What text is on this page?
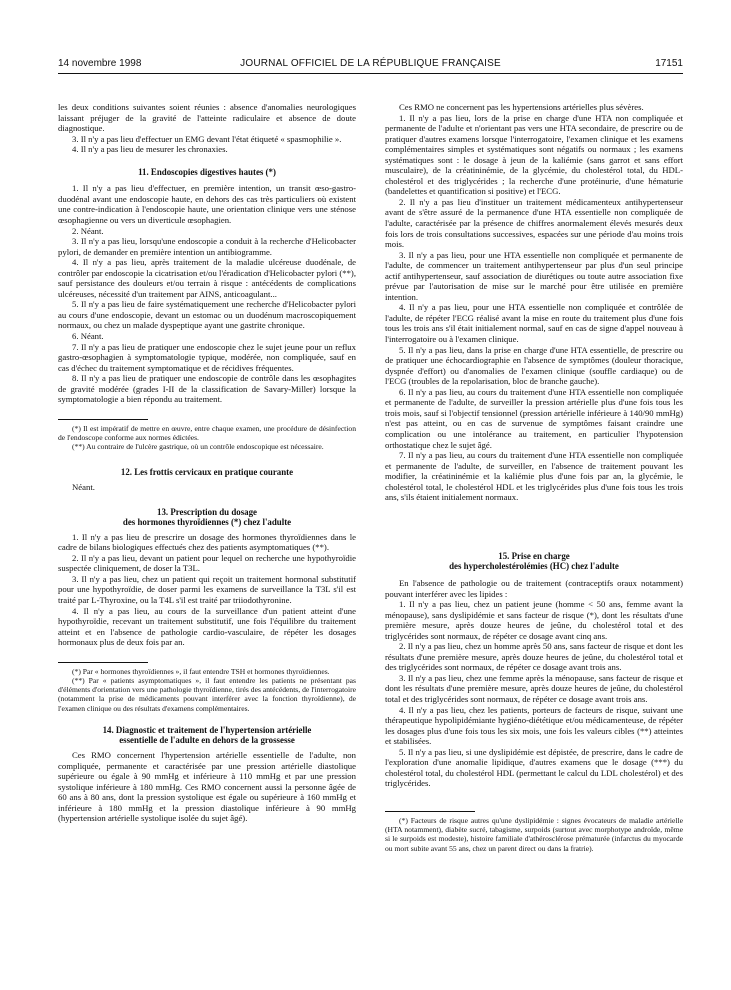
14 novembre 1998	JOURNAL OFFICIEL DE LA RÉPUBLIQUE FRANÇAISE	17151

les deux conditions suivantes soient réunies : absence d'anomalies neurologiques laissant préjuger de la gravité de l'atteinte radiculaire et absence de doute diagnostique.

3. Il n'y a pas lieu d'effectuer un EMG devant l'état étiqueté « spasmophilie ».

4. Il n'y a pas lieu de mesurer les chronaxies.

11. Endoscopies digestives hautes (*)

1. Il n'y a pas lieu d'effectuer, en première intention, un transit œso-gastro-duodénal avant une endoscopie haute, en dehors des cas très particuliers où existent une contre-indication à l'endoscopie haute, une orientation clinique vers une sténose œsophagienne ou vers un diverticule œsophagien.

2. Néant.

3. Il n'y a pas lieu, lorsqu'une endoscopie a conduit à la recherche d'Helicobacter pylori, de demander en première intention un antibiogramme.

4. Il n'y a pas lieu, après traitement de la maladie ulcéreuse duodénale, de contrôler par endoscopie la cicatrisation et/ou l'éradication d'Helicobacter pylori (**), sauf persistance des douleurs et/ou terrain à risque : antécédents de complications ulcéreuses, nécessité d'un traitement par AINS, anticoagulant...

5. Il n'y a pas lieu de faire systématiquement une recherche d'Helicobacter pylori au cours d'une endoscopie, devant un estomac ou un duodénum macroscopiquement normaux, ou chez un malade dyspeptique ayant une gastrite chronique.

6. Néant.

7. Il n'y a pas lieu de pratiquer une endoscopie chez le sujet jeune pour un reflux gastro-œsophagien à symptomatologie typique, modérée, non compliquée, sauf en cas d'échec du traitement symptomatique et de récidives fréquentes.

8. Il n'y a pas lieu de pratiquer une endoscopie de contrôle dans les œsophagites de gravité modérée (grades I-II de la classification de Savary-Miller) lorsque la symptomatologie a bien répondu au traitement.

(*) Il est impératif de mettre en œuvre, entre chaque examen, une procédure de désinfection de l'endoscope conforme aux normes édictées.

(**) Au contraire de l'ulcère gastrique, où un contrôle endoscopique est nécessaire.

12. Les frottis cervicaux en pratique courante

Néant.

13. Prescription du dosage
des hormones thyroïdiennes (*) chez l'adulte

1. Il n'y a pas lieu de prescrire un dosage des hormones thyroïdiennes dans le cadre de bilans biologiques effectués chez des patients asymptomatiques (**).

2. Il n'y a pas lieu, devant un patient pour lequel on recherche une hypothyroïdie suspectée cliniquement, de doser la T3L.

3. Il n'y a pas lieu, chez un patient qui reçoit un traitement hormonal substitutif pour une hypothyroïdie, de doser parmi les examens de surveillance la T3L s'il est traité par L-Thyroxine, ou la T4L s'il est traité par triiodothyronine.

4. Il n'y a pas lieu, au cours de la surveillance d'un patient atteint d'une hypothyroïdie, recevant un traitement substitutif, une fois l'équilibre du traitement atteint et en l'absence de pathologie cardio-vasculaire, de répéter les dosages hormonaux plus de deux fois par an.

(*) Par « hormones thyroïdiennes », il faut entendre TSH et hormones thyroïdiennes.

(**) Par « patients asymptomatiques », il faut entendre les patients ne présentant pas d'éléments d'orientation vers une pathologie thyroïdienne, tirés des antécédents, de l'interrogatoire (notamment la prise de médicaments pouvant interférer avec la fonction thyroïdienne), de l'examen clinique ou des résultats d'examens complémentaires.

14. Diagnostic et traitement de l'hypertension artérielle
essentielle de l'adulte en dehors de la grossesse

Ces RMO concernent l'hypertension artérielle essentielle de l'adulte, non compliquée, permanente et caractérisée par une pression artérielle diastolique supérieure ou égale à 90 mmHg et inférieure à 110 mmHg et par une pression systolique inférieure à 180 mmHg. Ces RMO concernent aussi la personne âgée de 60 ans à 80 ans, dont la pression systolique est égale ou supérieure à 160 mmHg et inférieure à 180 mmHg et la pression diastolique inférieure à 90 mmHg (hypertension artérielle systolique isolée du sujet âgé).

Ces RMO ne concernent pas les hypertensions artérielles plus sévères.

1. Il n'y a pas lieu, lors de la prise en charge d'une HTA non compliquée et permanente de l'adulte et n'orientant pas vers une HTA secondaire, de prescrire ou de pratiquer d'autres examens lorsque l'interrogatoire, l'examen clinique et les examens complémentaires simples et systématiques sont négatifs ou normaux ; les examens systématiques sont : le dosage à jeun de la kaliémie (sans garrot et sans effort musculaire), de la créatininémie, de la glycémie, du cholestérol total, du HDL-cholestérol et des triglycérides ; la recherche d'une protéinurie, d'une hématurie (bandelettes et quantification si positive) et l'ECG.

2. Il n'y a pas lieu d'instituer un traitement médicamenteux antihypertenseur avant de s'être assuré de la permanence d'une HTA essentielle non compliquée de l'adulte, caractérisée par la présence de chiffres anormalement élevés mesurés deux fois lors de trois consultations successives, espacées sur une période d'au moins trois mois.

3. Il n'y a pas lieu, pour une HTA essentielle non compliquée et permanente de l'adulte, de commencer un traitement antihypertenseur par plus d'un seul principe actif antihypertenseur, sauf association de diurétiques ou toute autre association fixe prévue par l'autorisation de mise sur le marché pour être utilisée en première intention.

4. Il n'y a pas lieu, pour une HTA essentielle non compliquée et contrôlée de l'adulte, de répéter l'ECG réalisé avant la mise en route du traitement plus d'une fois tous les trois ans s'il était initialement normal, sauf en cas de signe d'appel nouveau à l'interrogatoire ou à l'examen clinique.

5. Il n'y a pas lieu, dans la prise en charge d'une HTA essentielle, de prescrire ou de pratiquer une échocardiographie en l'absence de symptômes (douleur thoracique, dyspnée d'effort) ou d'anomalies de l'examen clinique (souffle cardiaque) ou de l'ECG (troubles de la repolarisation, bloc de branche gauche).

6. Il n'y a pas lieu, au cours du traitement d'une HTA essentielle non compliquée et permanente de l'adulte, de surveiller la pression artérielle plus d'une fois tous les trois mois, sauf si l'objectif tensionnel (pression artérielle inférieure à 140/90 mmHg) n'est pas atteint, ou en cas de survenue de symptômes faisant craindre une complication ou une intolérance au traitement, en particulier l'hypotension orthostatique chez le sujet âgé.

7. Il n'y a pas lieu, au cours du traitement d'une HTA essentielle non compliquée et permanente de l'adulte, de surveiller, en l'absence de traitement pouvant les modifier, la créatininémie et la kaliémie plus d'une fois par an, la glycémie, le cholestérol total, le cholestérol HDL et les triglycérides plus d'une fois tous les trois ans, s'ils étaient initialement normaux.

15. Prise en charge
des hypercholestérolémies (HC) chez l'adulte

En l'absence de pathologie ou de traitement (contraceptifs oraux notamment) pouvant interférer avec les lipides :

1. Il n'y a pas lieu, chez un patient jeune (homme < 50 ans, femme avant la ménopause), sans dyslipidémie et sans facteur de risque (*), dont les résultats d'une première mesure, après douze heures de jeûne, du cholestérol total et des triglycérides sont normaux, de répéter ce dosage avant cinq ans.

2. Il n'y a pas lieu, chez un homme après 50 ans, sans facteur de risque et dont les résultats d'une première mesure, après douze heures de jeûne, du cholestérol total et des triglycérides sont normaux, de répéter ce dosage avant trois ans.

3. Il n'y a pas lieu, chez une femme après la ménopause, sans facteur de risque et dont les résultats d'une première mesure, après douze heures de jeûne, du cholestérol total et des triglycérides sont normaux, de répéter ce dosage avant trois ans.

4. Il n'y a pas lieu, chez les patients, porteurs de facteurs de risque, suivant une thérapeutique hypolipidémiante hygiéno-diététique et/ou médicamenteuse, de répéter les dosages plus d'une fois tous les six mois, une fois les valeurs cibles (**) atteintes et stabilisées.

5. Il n'y a pas lieu, si une dyslipidémie est dépistée, de prescrire, dans le cadre de l'exploration d'une anomalie lipidique, d'autres examens que le dosage (***) du cholestérol total, du cholestérol HDL (permettant le calcul du LDL cholestérol) et des triglycérides.

(*) Facteurs de risque autres qu'une dyslipidémie : signes évocateurs de maladie artérielle (HTA notamment), diabète sucré, tabagisme, surpoids (surtout avec morphotype androïde, même si le surpoids est modeste), histoire familiale d'athérosclérose prématurée (infarctus du myocarde ou mort subite avant 55 ans, chez un parent direct ou dans la fratrie).
